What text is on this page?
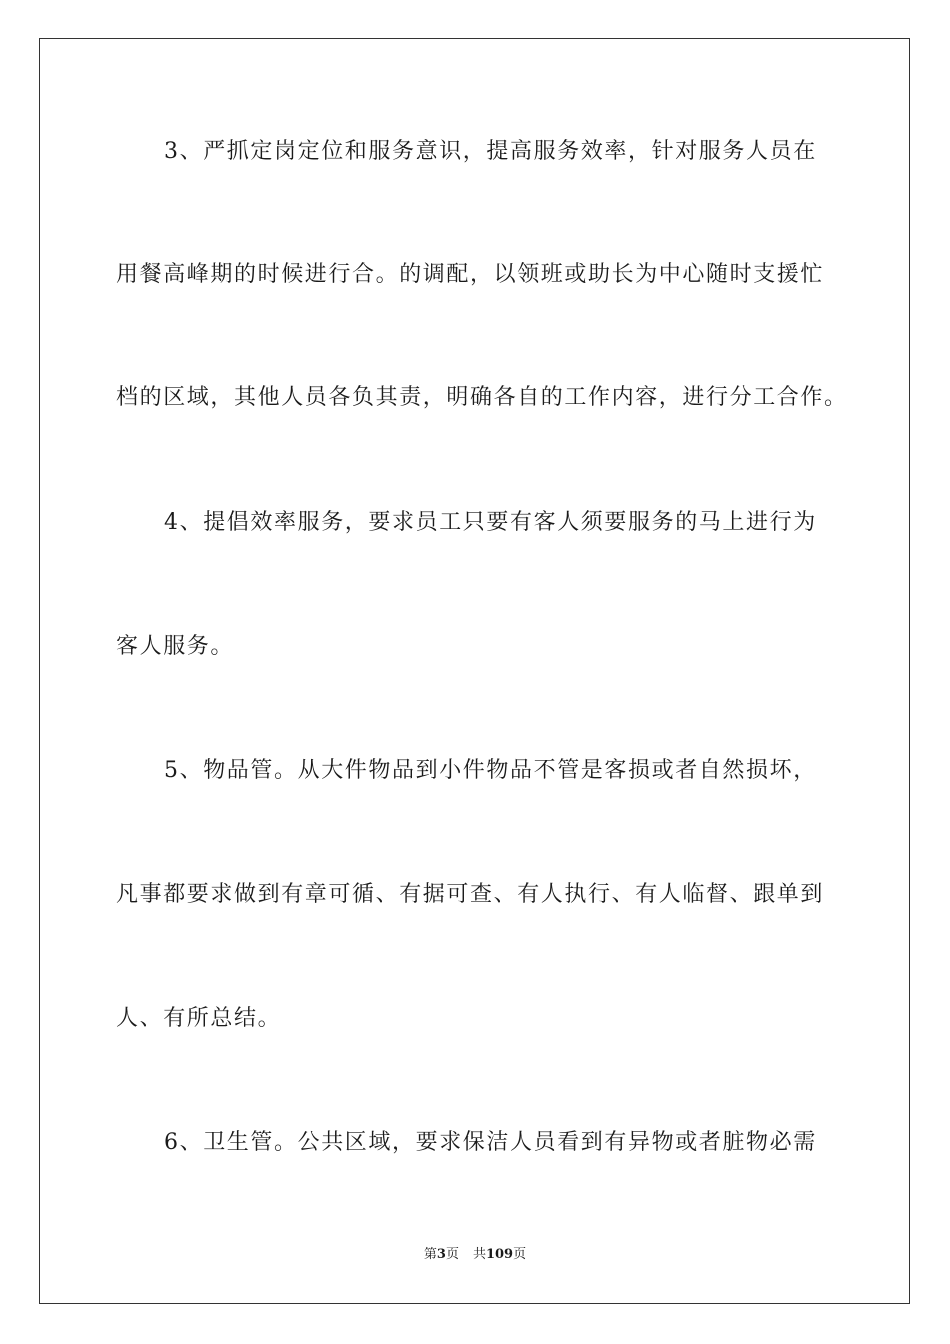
3、严抓定岗定位和服务意识，提高服务效率，针对服务人员在
用餐高峰期的时候进行合。的调配，以领班或助长为中心随时支援忙
档的区域，其他人员各负其责，明确各自的工作内容，进行分工合作。
4、提倡效率服务，要求员工只要有客人须要服务的马上进行为
客人服务。
5、物品管。从大件物品到小件物品不管是客损或者自然损坏，
凡事都要求做到有章可循、有据可查、有人执行、有人临督、跟单到
人、有所总结。
6、卫生管。公共区域，要求保洁人员看到有异物或者脏物必需
第3页 共109页
